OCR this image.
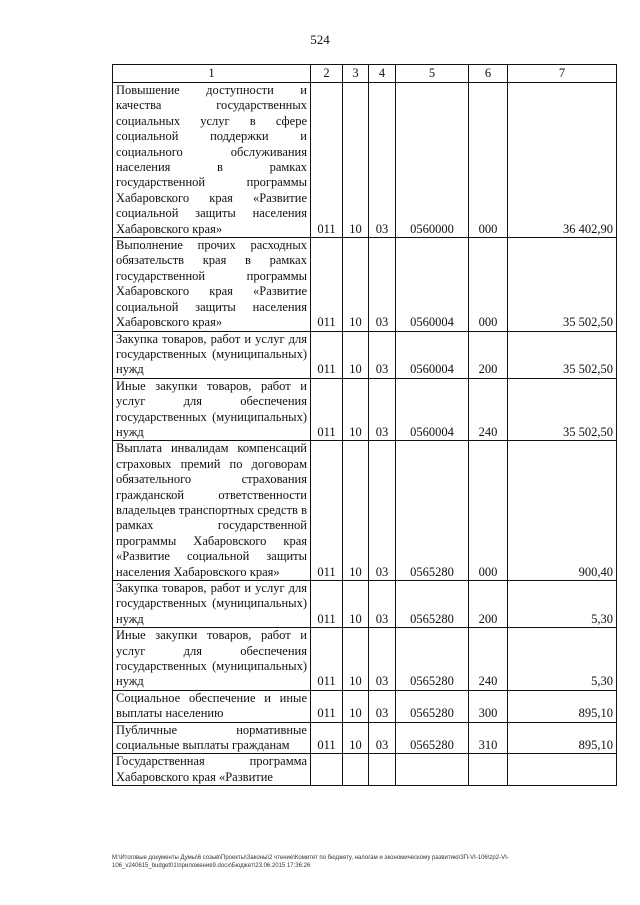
524
1	2	3	4	5	6	7
Повышение доступности и качества государственных социальных услуг в сфере социальной поддержки и социального обслуживания населения в рамках государственной программы Хабаровского края «Развитие социальной защиты населения Хабаровского края»	011	10	03	0560000	000	36 402,90
Выполнение прочих расходных обязательств края в рамках государственной программы Хабаровского края «Развитие социальной защиты населения Хабаровского края»	011	10	03	0560004	000	35 502,50
Закупка товаров, работ и услуг для государственных (муниципальных) нужд	011	10	03	0560004	200	35 502,50
Иные закупки товаров, работ и услуг для обеспечения государственных (муниципальных) нужд	011	10	03	0560004	240	35 502,50
Выплата инвалидам компенсаций страховых премий по договорам обязательного страхования гражданской ответственности владельцев транспортных средств в рамках государственной программы Хабаровского края «Развитие социальной защиты населения Хабаровского края»	011	10	03	0565280	000	900,40
Закупка товаров, работ и услуг для государственных (муниципальных) нужд	011	10	03	0565280	200	5,30
Иные закупки товаров, работ и услуг для обеспечения государственных (муниципальных) нужд	011	10	03	0565280	240	5,30
Социальное обеспечение и иные выплаты населению	011	10	03	0565280	300	895,10
Публичные нормативные социальные выплаты гражданам	011	10	03	0565280	310	895,10
Государственная программа Хабаровского края «Развитие						
M:\Итоговые документы Думы\6 созыв\Проекты\Законы\2 чтение\Комитет по бюджету, налогам и экономическому развитию\ЗП-VI-106\zp2-VI-106_v240615_budget01\приложение9.docx\Бюджет\23.06.2015 17:36:26
